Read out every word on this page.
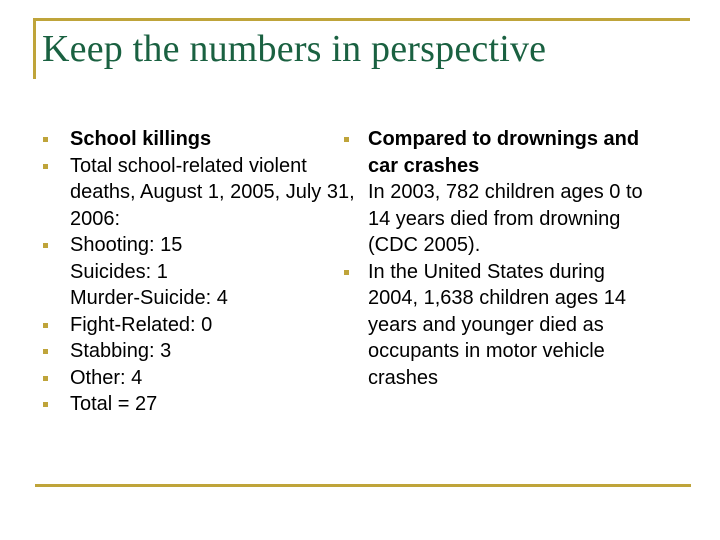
Keep the numbers in perspective
School killings
Total school-related violent deaths, August 1, 2005, July 31, 2006:
Shooting: 15
Suicides: 1
Murder-Suicide: 4
Fight-Related: 0
Stabbing: 3
Other: 4
Total = 27
Compared to drownings and car crashes
In 2003, 782 children ages 0 to 14 years died from drowning (CDC 2005).
In the United States during 2004, 1,638 children ages 14 years and younger died as occupants in motor vehicle crashes
